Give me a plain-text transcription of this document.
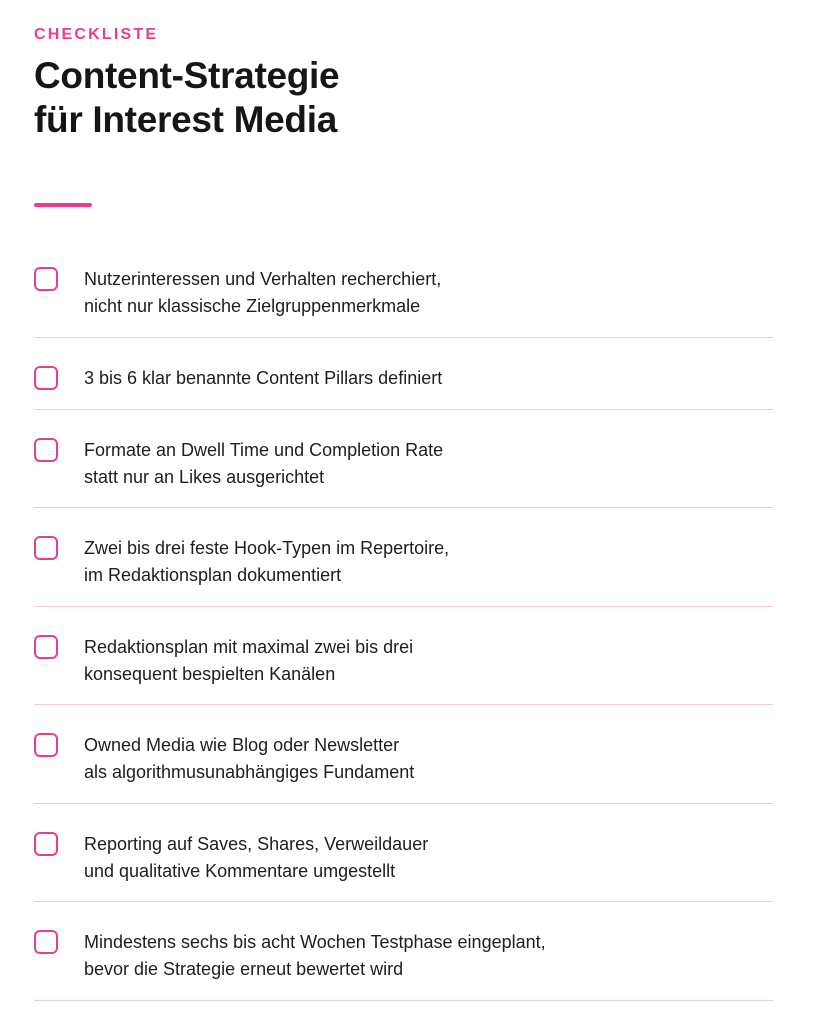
CHECKLISTE
Content-Strategie
für Interest Media
Nutzerinteressen und Verhalten recherchiert,
nicht nur klassische Zielgruppenmerkmale
3 bis 6 klar benannte Content Pillars definiert
Formate an Dwell Time und Completion Rate
statt nur an Likes ausgerichtet
Zwei bis drei feste Hook-Typen im Repertoire,
im Redaktionsplan dokumentiert
Redaktionsplan mit maximal zwei bis drei
konsequent bespielten Kanälen
Owned Media wie Blog oder Newsletter
als algorithmusunabhängiges Fundament
Reporting auf Saves, Shares, Verweildauer
und qualitative Kommentare umgestellt
Mindestens sechs bis acht Wochen Testphase eingeplant,
bevor die Strategie erneut bewertet wird
